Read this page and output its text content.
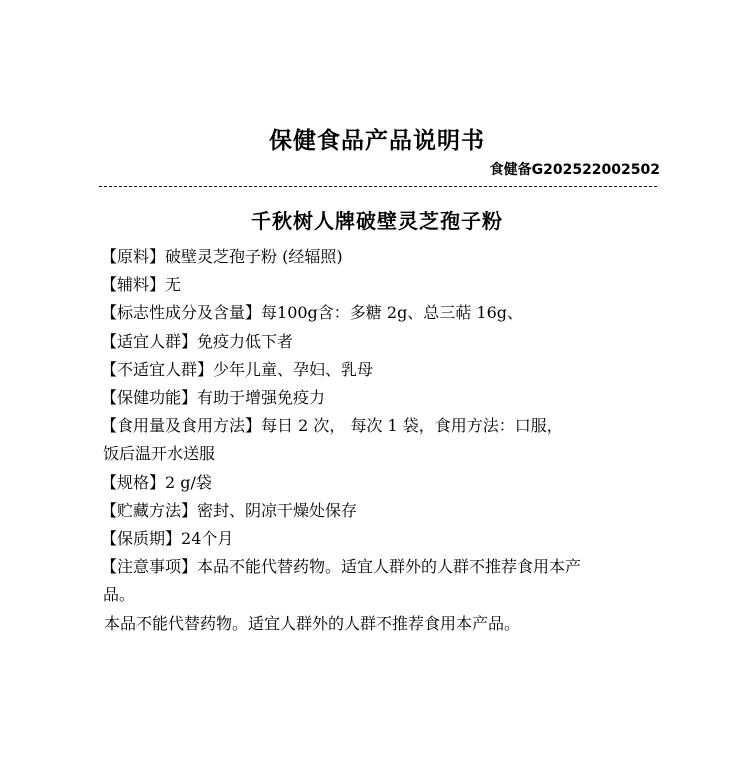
保健食品产品说明书
食健备G202522002502
千秋树人牌破壁灵芝孢子粉

【原料】破壁灵芝孢子粉 (经辐照)

【辅料】无

【标志性成分及含量】每100g含：多糖 2g、总三萜 16g、

【适宜人群】免疫力低下者

【不适宜人群】少年儿童、孕妇、乳母

【保健功能】有助于增强免疫力

【食用量及食用方法】每日 2 次， 每次 1 袋，食用方法：口服，
饭后温开水送服

【规格】2 g/袋

【贮藏方法】密封、阴凉干燥处保存

【保质期】24个月

【注意事项】本品不能代替药物。适宜人群外的人群不推荐食用本产
品。

本品不能代替药物。适宜人群外的人群不推荐食用本产品。
